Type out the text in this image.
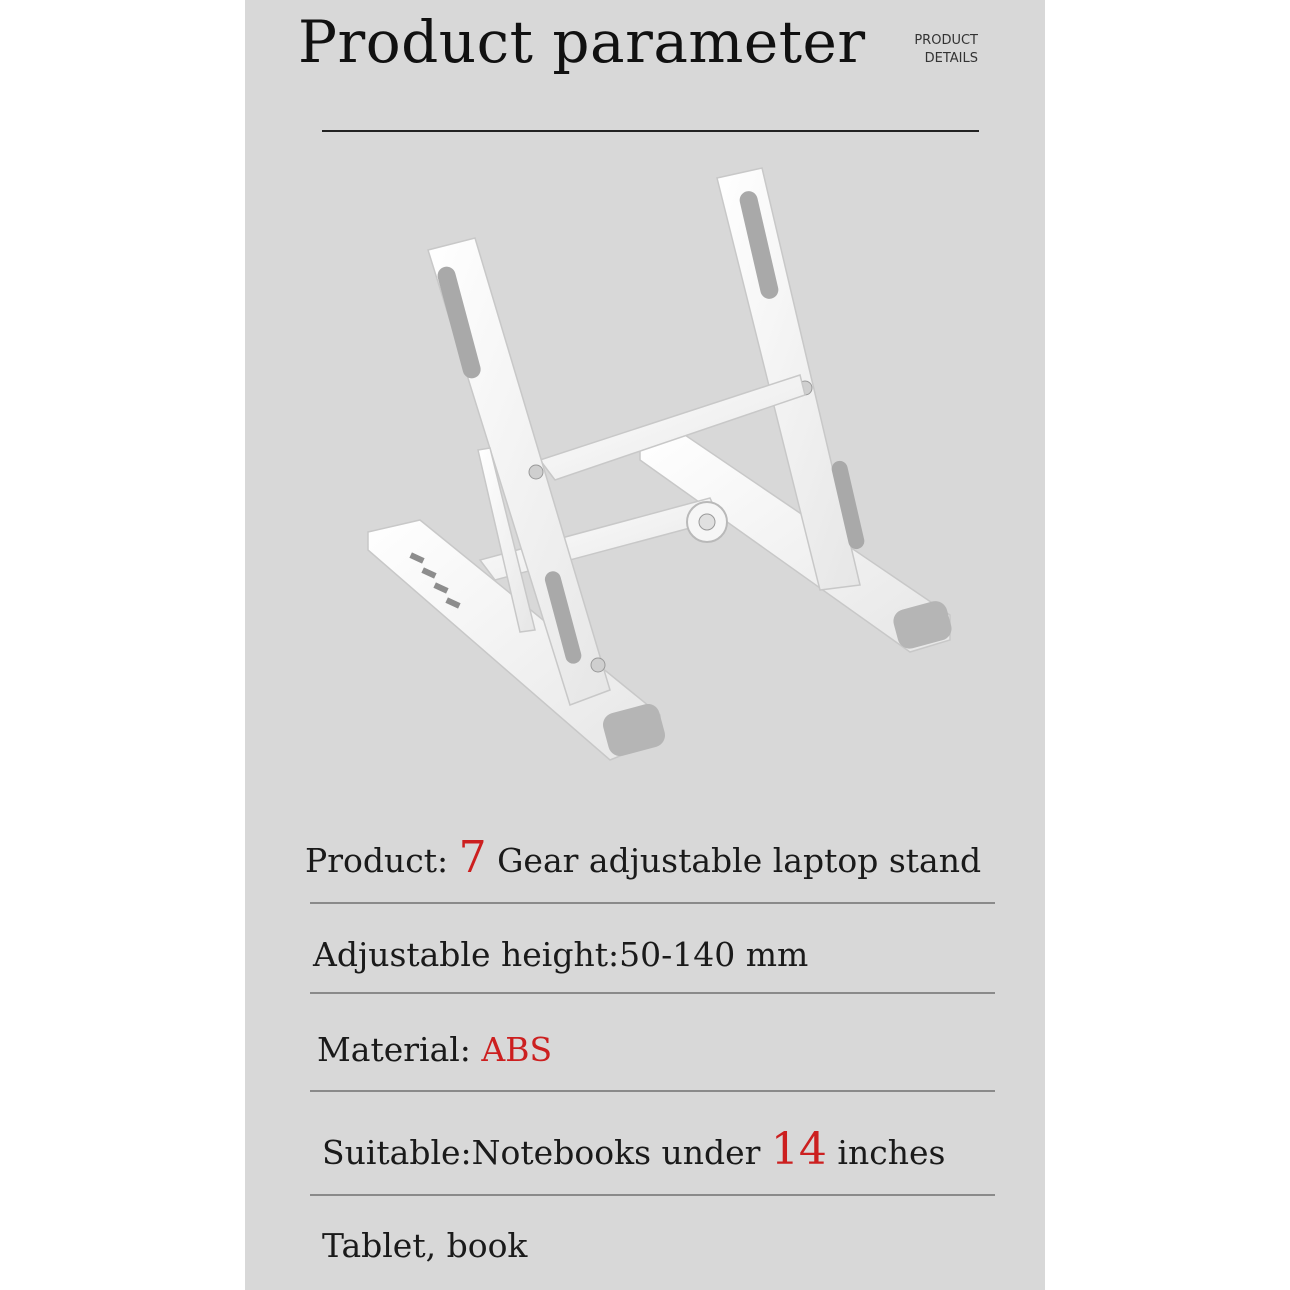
Product parameter	PRODUCT
DETAILS
Product: 7 Gear adjustable laptop stand
Adjustable height:50-140 mm
Material: ABS
Suitable:Notebooks under 14 inches
Tablet, book
